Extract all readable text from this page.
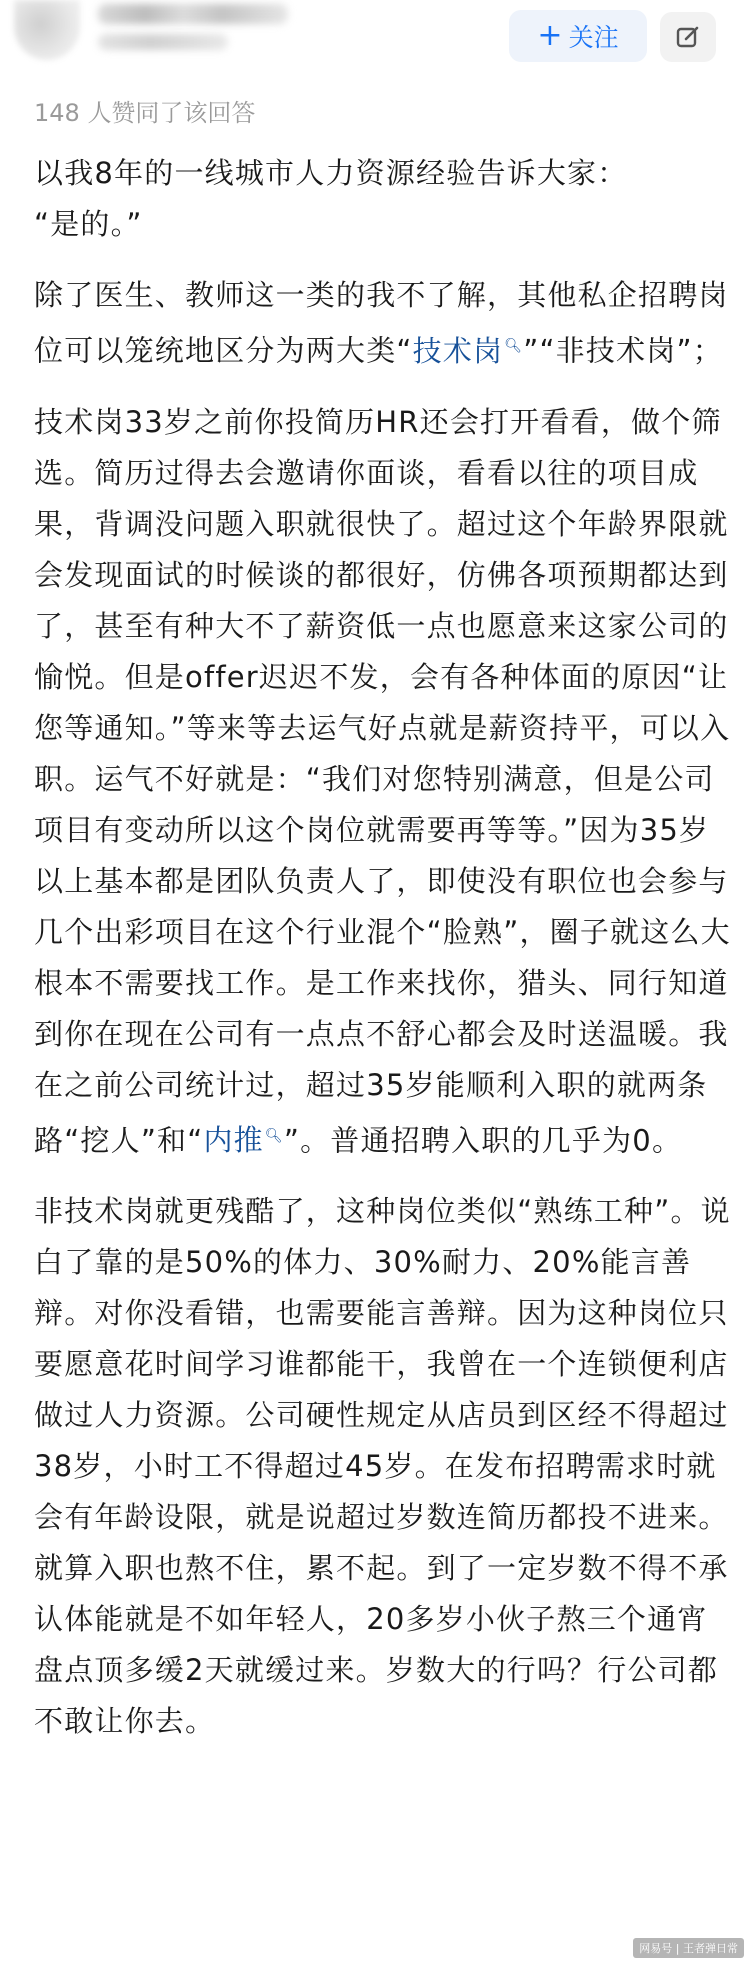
+ 关注
148 人赞同了该回答

以我8年的一线城市人力资源经验告诉大家：
“是的。”

除了医生、教师这一类的我不了解，其他私企招聘岗位可以笼统地区分为两大类“技术岗🔍︎”“非技术岗”；

技术岗33岁之前你投简历HR还会打开看看，做个筛选。简历过得去会邀请你面谈，看看以往的项目成果，背调没问题入职就很快了。超过这个年龄界限就会发现面试的时候谈的都很好，仿佛各项预期都达到了，甚至有种大不了薪资低一点也愿意来这家公司的愉悦。但是offer迟迟不发，会有各种体面的原因“让您等通知。”等来等去运气好点就是薪资持平，可以入职。运气不好就是：“我们对您特别满意，但是公司项目有变动所以这个岗位就需要再等等。”因为35岁以上基本都是团队负责人了，即使没有职位也会参与几个出彩项目在这个行业混个“脸熟”，圈子就这么大根本不需要找工作。是工作来找你，猎头、同行知道到你在现在公司有一点点不舒心都会及时送温暖。我在之前公司统计过，超过35岁能顺利入职的就两条路“挖人”和“内推🔍︎”。普通招聘入职的几乎为0。

非技术岗就更残酷了，这种岗位类似“熟练工种”。说白了靠的是50%的体力、30%耐力、20%能言善辩。对你没看错，也需要能言善辩。因为这种岗位只要愿意花时间学习谁都能干，我曾在一个连锁便利店做过人力资源。公司硬性规定从店员到区经不得超过38岁，小时工不得超过45岁。在发布招聘需求时就会有年龄设限，就是说超过岁数连简历都投不进来。就算入职也熬不住，累不起。到了一定岁数不得不承认体能就是不如年轻人，20多岁小伙子熬三个通宵盘点顶多缓2天就缓过来。岁数大的行吗？行公司都不敢让你去。

网易号 | 王者弹日常
